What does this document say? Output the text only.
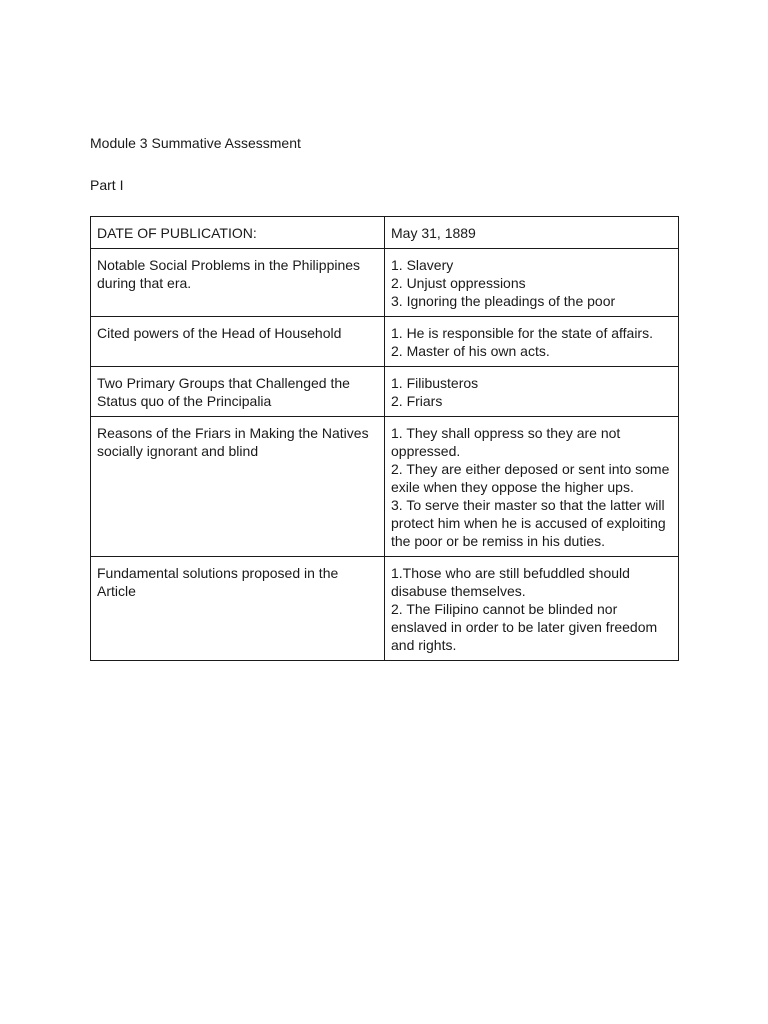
Module 3 Summative Assessment
Part I
DATE OF PUBLICATION:	May 31, 1889

Notable Social Problems in the Philippines during that era.	1. Slavery
2. Unjust oppressions
3. Ignoring the pleadings of the poor

Cited powers of the Head of Household	1. He is responsible for the state of affairs.
2. Master of his own acts.

Two Primary Groups that Challenged the Status quo of the Principalia	1. Filibusteros
2. Friars

Reasons of the Friars in Making the Natives socially ignorant and blind	1. They shall oppress so they are not oppressed.
2. They are either deposed or sent into some exile when they oppose the higher ups.
3. To serve their master so that the latter will protect him when he is accused of exploiting the poor or be remiss in his duties.

Fundamental solutions proposed in the Article	1.Those who are still befuddled should disabuse themselves.
2. The Filipino cannot be blinded nor enslaved in order to be later given freedom and rights.
